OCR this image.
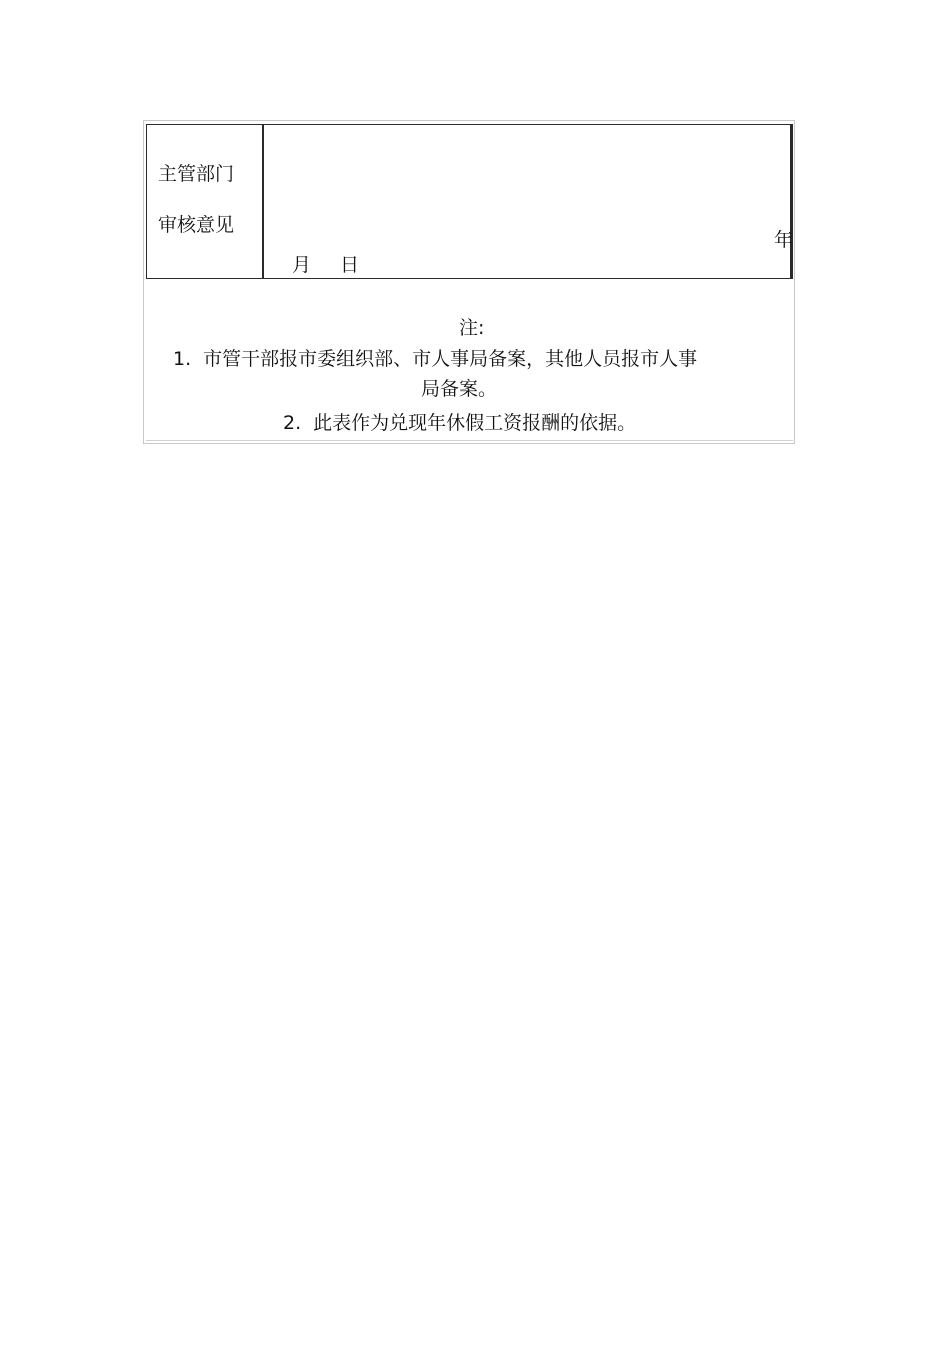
主管部门
审核意见
年
月 日
注:
1. 市管干部报市委组织部、市人事局备案，其他人员报市人事
局备案。
2. 此表作为兑现年休假工资报酬的依据。
